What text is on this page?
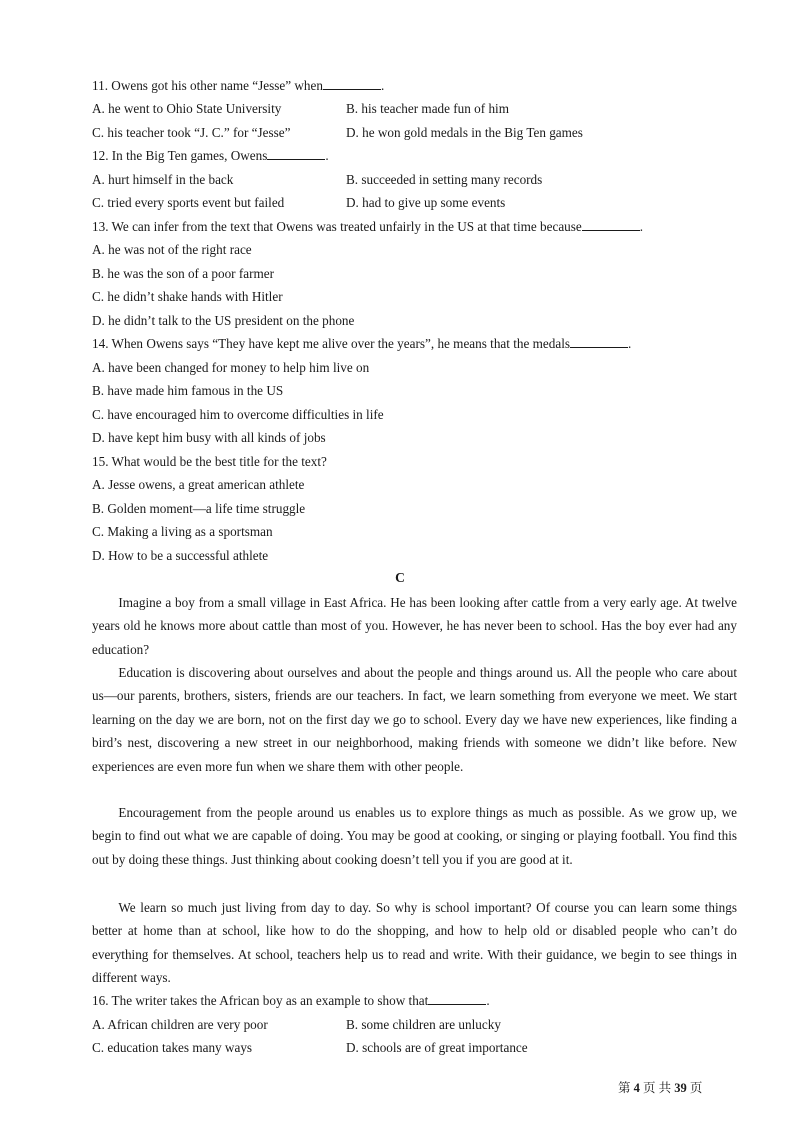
11. Owens got his other name “Jesse” when	.
A. he went to Ohio State University	B. his teacher made fun of him
C. his teacher took “J. C.” for “Jesse”	D. he won gold medals in the Big Ten games
12. In the Big Ten games, Owens	.
A. hurt himself in the back	B. succeeded in setting many records
C. tried every sports event but failed	D. had to give up some events
13. We can infer from the text that Owens was treated unfairly in the US at that time because	.
A. he was not of the right race
B. he was the son of a poor farmer
C. he didn’t shake hands with Hitler
D. he didn’t talk to the US president on the phone
14. When Owens says “They have kept me alive over the years”, he means that the medals	.
A. have been changed for money to help him live on
B. have made him famous in the US
C. have encouraged him to overcome difficulties in life
D. have kept him busy with all kinds of jobs
15. What would be the best title for the text?
A. Jesse owens, a great american athlete
B. Golden moment—a life time struggle
C. Making a living as a sportsman
D. How to be a successful athlete
C

Imagine a boy from a small village in East Africa. He has been looking after cattle from a very early age. At twelve years old he knows more about cattle than most of you. However, he has never been to school. Has the boy ever had any education?

Education is discovering about ourselves and about the people and things around us. All the people who care about us—our parents, brothers, sisters, friends are our teachers. In fact, we learn something from everyone we meet. We start learning on the day we are born, not on the first day we go to school. Every day we have new experiences, like finding a bird’s nest, discovering a new street in our neighborhood, making friends with someone we didn’t like before. New experiences are even more fun when we share them with other people.

Encouragement from the people around us enables us to explore things as much as possible. As we grow up, we begin to find out what we are capable of doing. You may be good at cooking, or singing or playing football. You find this out by doing these things. Just thinking about cooking doesn’t tell you if you are good at it.

We learn so much just living from day to day. So why is school important? Of course you can learn some things better at home than at school, like how to do the shopping, and how to help old or disabled people who can’t do everything for themselves. At school, teachers help us to read and write. With their guidance, we begin to see things in different ways.

16. The writer takes the African boy as an example to show that	.
A. African children are very poor	B. some children are unlucky
C. education takes many ways	D. schools are of great importance
第 4 页 共 39 页
